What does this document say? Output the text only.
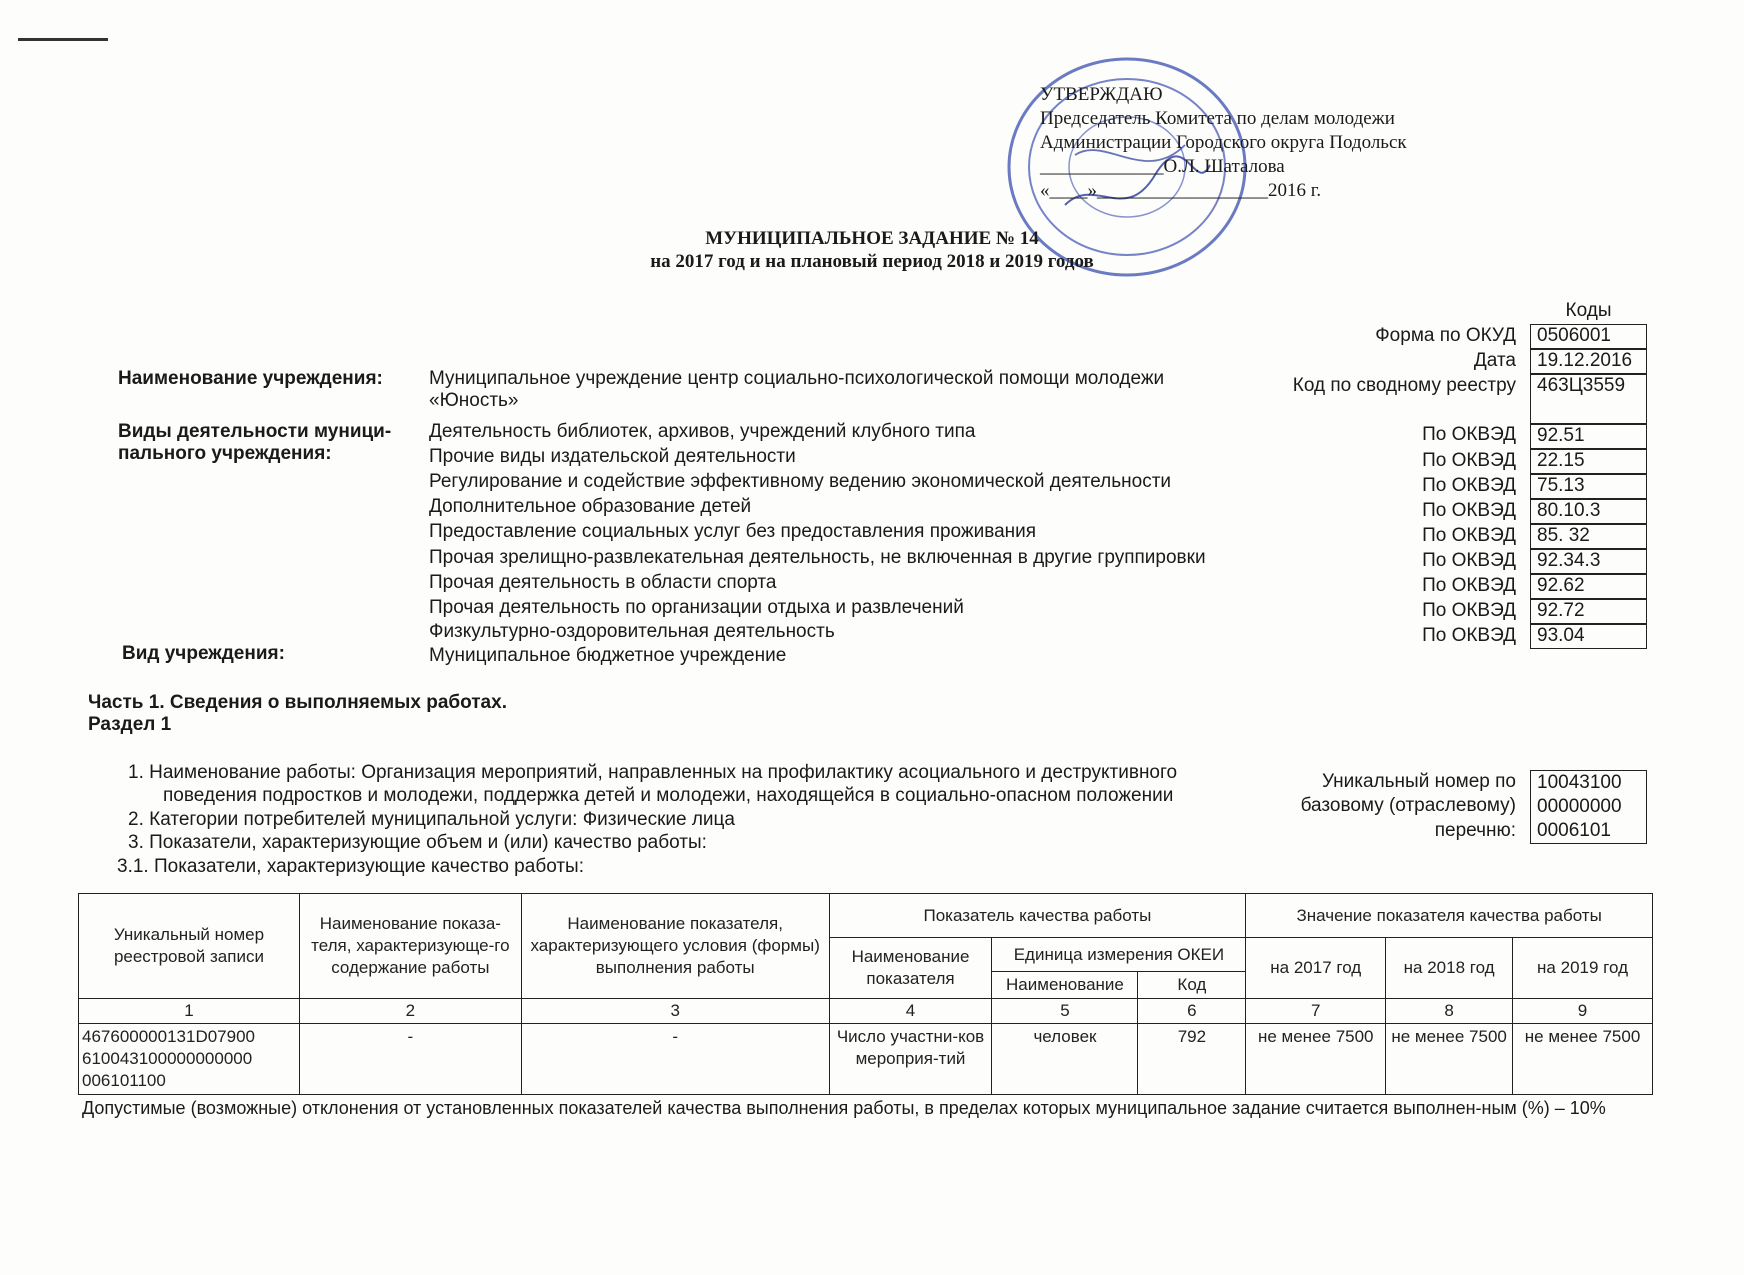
УТВЕРЖДАЮ
Председатель Комитета по делам молодежи
Администрации Городского округа Подольск
_____________О.Л. Шаталова
«____»__________________2016 г.
МУНИЦИПАЛЬНОЕ ЗАДАНИЕ № 14
на 2017 год и на плановый период 2018 и 2019 годов
Коды
Форма по ОКУД	0506001
Дата	19.12.2016
Код по сводному реестру	463Ц3559
По ОКВЭД	92.51
По ОКВЭД	22.15
По ОКВЭД	75.13
По ОКВЭД	80.10.3
По ОКВЭД	85. 32
По ОКВЭД	92.34.3
По ОКВЭД	92.62
По ОКВЭД	92.72
По ОКВЭД	93.04
Наименование учреждения: Муниципальное учреждение центр социально-психологической помощи молодежи
«Юность»
Виды деятельности муници-
пального учреждения:
Деятельность библиотек, архивов, учреждений клубного типа
Прочие виды издательской деятельности
Регулирование и содействие эффективному ведению экономической деятельности
Дополнительное образование детей
Предоставление социальных услуг без предоставления проживания
Прочая зрелищно-развлекательная деятельность, не включенная в другие группировки
Прочая деятельность в области спорта
Прочая деятельность по организации отдыха и развлечений
Физкультурно-оздоровительная деятельность
Вид учреждения:	Муниципальное бюджетное учреждение
Часть 1. Сведения о выполняемых работах.
Раздел 1
1. Наименование работы: Организация мероприятий, направленных на профилактику асоциального и деструктивного
поведения подростков и молодежи, поддержка детей и молодежи, находящейся в социально-опасном положении
2. Категории потребителей муниципальной услуги: Физические лица
3. Показатели, характеризующие объем и (или) качество работы:
3.1. Показатели, характеризующие качество работы:
Уникальный номер по
базовому (отраслевому)
перечню:
10043100
00000000
0006101
Уникальный номер реестровой записи	Наименование показа-теля, характеризующе-го содержание работы	Наименование показателя, характеризующего условия (формы) выполнения работы	Показатель качества работы			Значение показателя качества работы		
			Наименование показателя	Единица измерения ОКЕИ		на 2017 год	на 2018 год	на 2019 год
				Наименование	Код			
1	2	3	4	5	6	7	8	9

467600000131D07900
610043100000000000
006101100	-	-	Число участни-ков мероприя-тий	человек	792	не менее 7500	не менее 7500	не менее 7500
Допустимые (возможные) отклонения от установленных показателей качества выполнения работы, в пределах которых муниципальное задание считается выполнен-ным (%) – 10%
